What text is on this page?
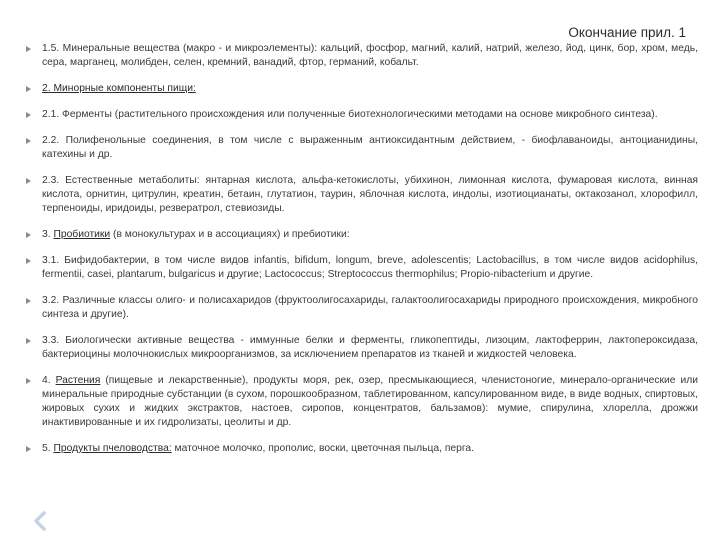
Окончание прил. 1
1.5. Минеральные вещества (макро - и микроэлементы): кальций, фосфор, магний, калий, натрий, железо, йод, цинк, бор, хром, медь, сера, марганец, молибден, селен, кремний, ванадий, фтор, германий, кобальт.
2. Минорные компоненты пищи:
2.1. Ферменты (растительного происхождения или полученные биотехнологическими методами на основе микробного синтеза).
2.2. Полифенольные соединения, в том числе с выраженным антиоксидантным действием, - биофлаваноиды, антоцианидины, катехины и др.
2.3. Естественные метаболиты: янтарная кислота, альфа-кетокислоты, убихинон, лимонная кислота, фумаровая кислота, винная кислота, орнитин, цитрулин, креатин, бетаин, глутатион, таурин, яблочная кислота, индолы, изотиоцианаты, октакозанол, хлорофилл, терпеноиды, иридоиды, резвератрол, стевиозиды.
3. Пробиотики (в монокультурах и в ассоциациях) и пребиотики:
3.1. Бифидобактерии, в том числе видов infantis, bifidum, longum, breve, adolescentis; Lactobacillus, в том числе видов acidophilus, fermentii, casei, plantarum, bulgaricus и другие; Lactococcus; Streptococcus thermophilus; Propio-nibacterium и другие.
3.2. Различные классы олиго- и полисахаридов (фруктоолигосахариды, галактоолигосахариды природного происхождения, микробного синтеза и другие).
3.3. Биологически активные вещества - иммунные белки и ферменты, гликопептиды, лизоцим, лактоферрин, лактопероксидаза, бактериоцины молочнокислых микроорганизмов, за исключением препаратов из тканей и жидкостей человека.
4. Растения (пищевые и лекарственные), продукты моря, рек, озер, пресмыкающиеся, членистоногие, минерало-органические или минеральные природные субстанции (в сухом, порошкообразном, таблетированном, капсулированном виде, в виде водных, спиртовых, жировых сухих и жидких экстрактов, настоев, сиропов, концентратов, бальзамов): мумие, спирулина, хлорелла, дрожжи инактивированные и их гидролизаты, цеолиты и др.
5. Продукты пчеловодства: маточное молочко, прополис, воски, цветочная пыльца, перга.
